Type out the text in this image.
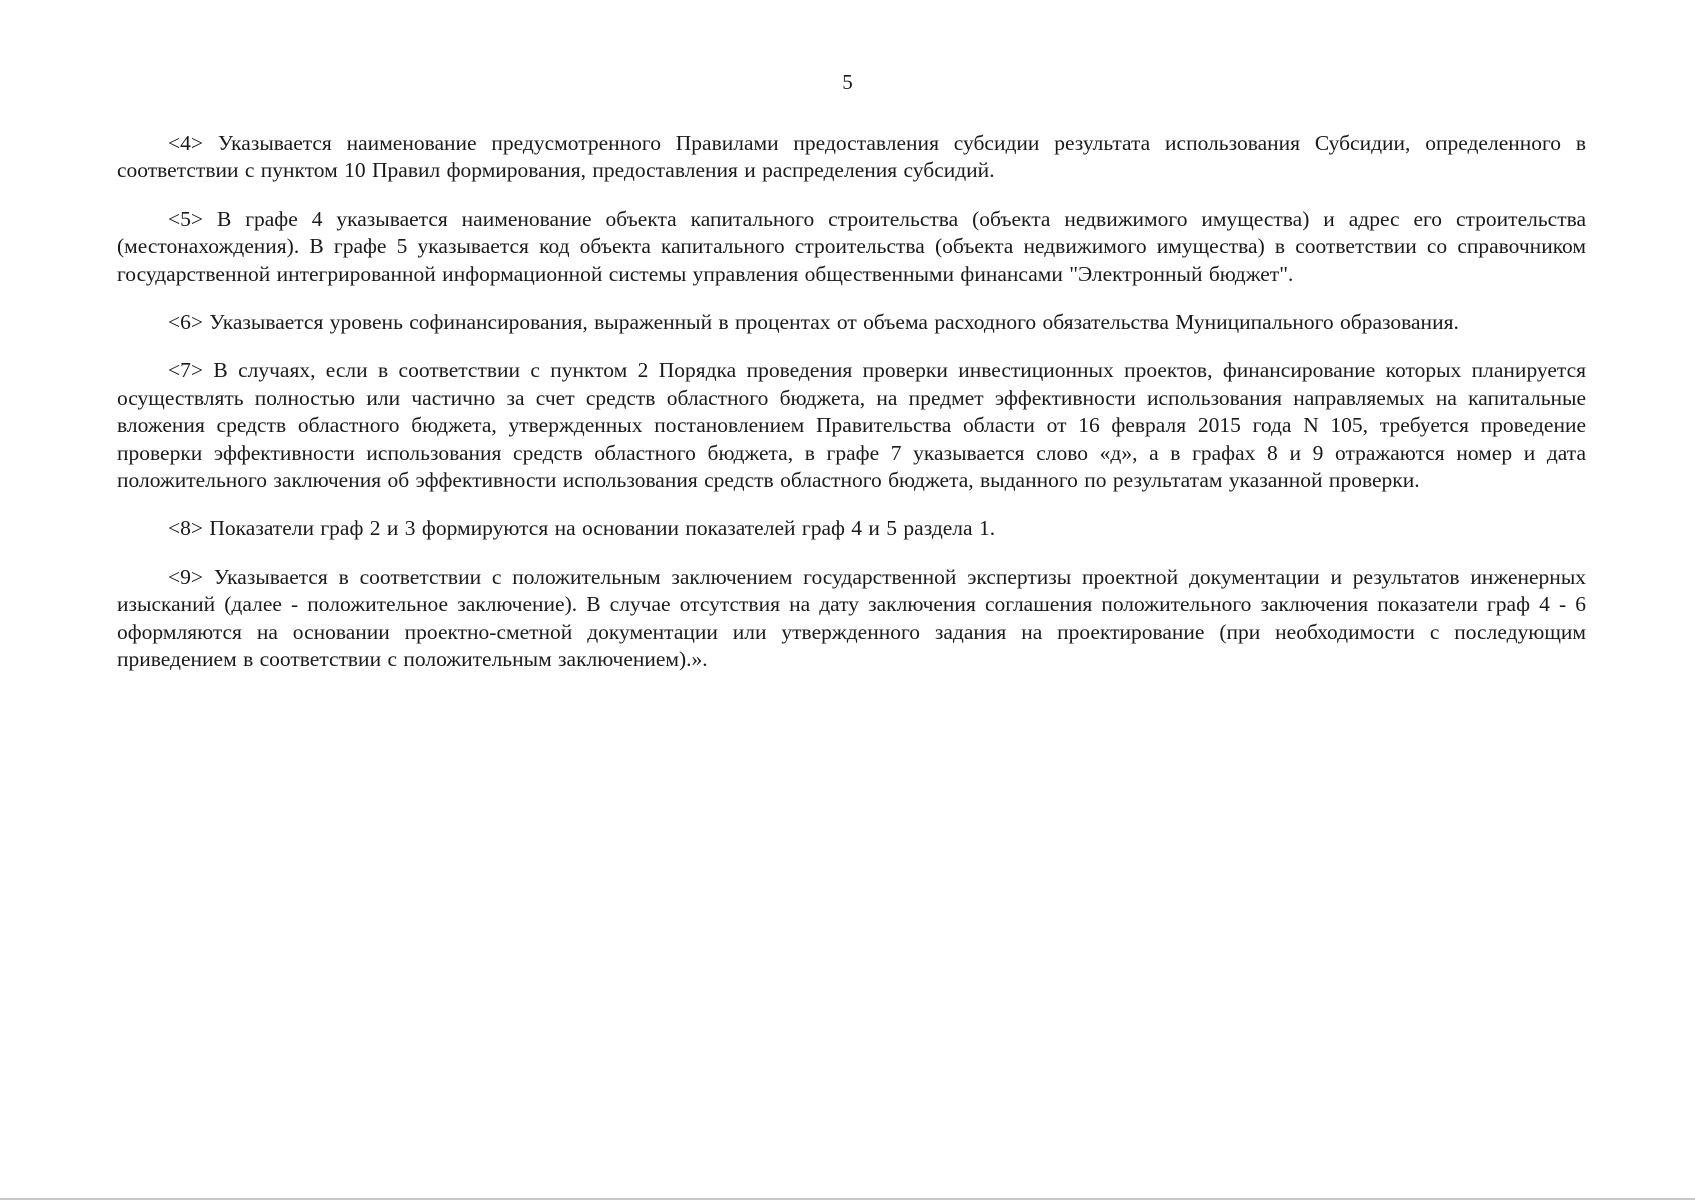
5

<4> Указывается наименование предусмотренного Правилами предоставления субсидии результата использования Субсидии, определенного в соответствии с пунктом 10 Правил формирования, предоставления и распределения субсидий.

<5> В графе 4 указывается наименование объекта капитального строительства (объекта недвижимого имущества) и адрес его строительства (местонахождения). В графе 5 указывается код объекта капитального строительства (объекта недвижимого имущества) в соответствии со справочником государственной интегрированной информационной системы управления общественными финансами "Электронный бюджет".

<6> Указывается уровень софинансирования, выраженный в процентах от объема расходного обязательства Муниципального образования.

<7> В случаях, если в соответствии с пунктом 2 Порядка проведения проверки инвестиционных проектов, финансирование которых планируется осуществлять полностью или частично за счет средств областного бюджета, на предмет эффективности использования направляемых на капитальные вложения средств областного бюджета, утвержденных постановлением Правительства области от 16 февраля 2015 года N 105, требуется проведение проверки эффективности использования средств областного бюджета, в графе 7 указывается слово «д», а в графах 8 и 9 отражаются номер и дата положительного заключения об эффективности использования средств областного бюджета, выданного по результатам указанной проверки.

<8> Показатели граф 2 и 3 формируются на основании показателей граф 4 и 5 раздела 1.

<9> Указывается в соответствии с положительным заключением государственной экспертизы проектной документации и результатов инженерных изысканий (далее - положительное заключение). В случае отсутствия на дату заключения соглашения положительного заключения показатели граф 4 - 6 оформляются на основании проектно-сметной документации или утвержденного задания на проектирование (при необходимости с последующим приведением в соответствии с положительным заключением).».
